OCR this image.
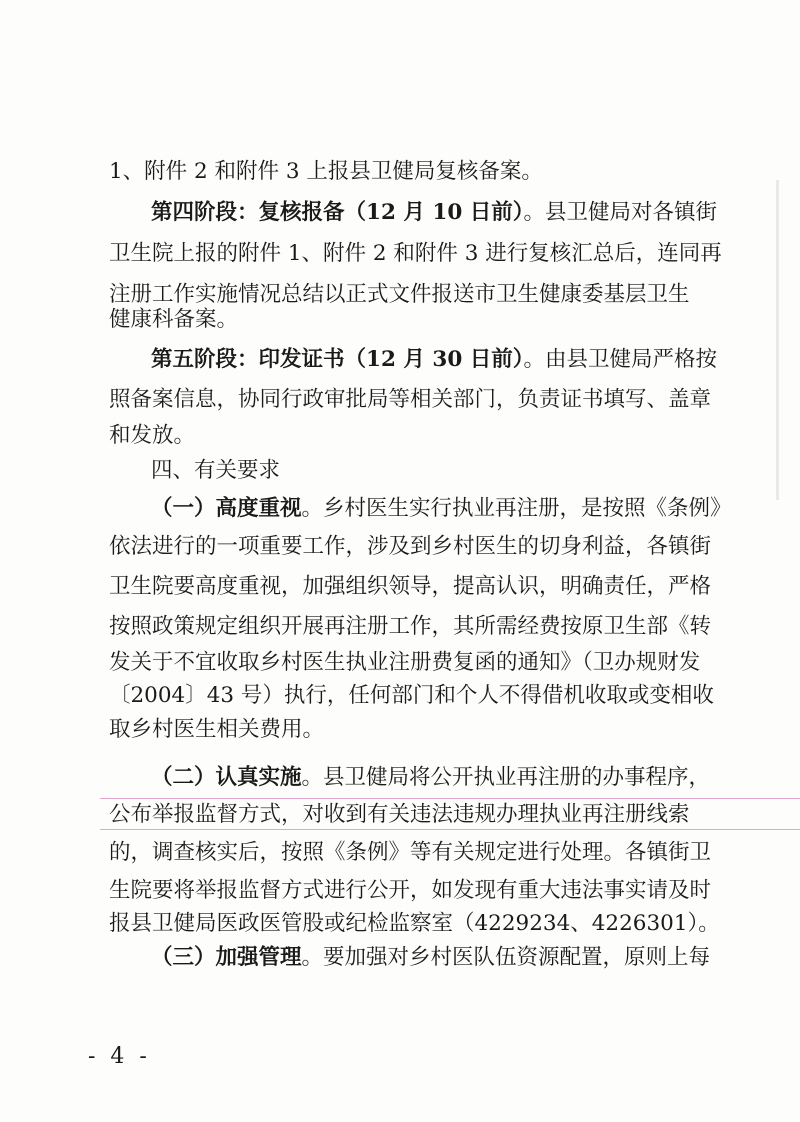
1、附件 2 和附件 3 上报县卫健局复核备案。
第四阶段：复核报备（12 月 10 日前）。县卫健局对各镇街
卫生院上报的附件 1、附件 2 和附件 3 进行复核汇总后，连同再
注册工作实施情况总结以正式文件报送市卫生健康委基层卫生
健康科备案。
第五阶段：印发证书（12 月 30 日前）。由县卫健局严格按
照备案信息，协同行政审批局等相关部门，负责证书填写、盖章
和发放。
四、有关要求
（一）高度重视。乡村医生实行执业再注册，是按照《条例》
依法进行的一项重要工作，涉及到乡村医生的切身利益，各镇街
卫生院要高度重视，加强组织领导，提高认识，明确责任，严格
按照政策规定组织开展再注册工作，其所需经费按原卫生部《转
发关于不宜收取乡村医生执业注册费复函的通知》（卫办规财发
〔2004〕43 号）执行，任何部门和个人不得借机收取或变相收
取乡村医生相关费用。
（二）认真实施。县卫健局将公开执业再注册的办事程序，
公布举报监督方式，对收到有关违法违规办理执业再注册线索
的，调查核实后，按照《条例》等有关规定进行处理。各镇街卫
生院要将举报监督方式进行公开，如发现有重大违法事实请及时
报县卫健局医政医管股或纪检监察室（4229234、4226301）。
（三）加强管理。要加强对乡村医队伍资源配置，原则上每
- 4 -
